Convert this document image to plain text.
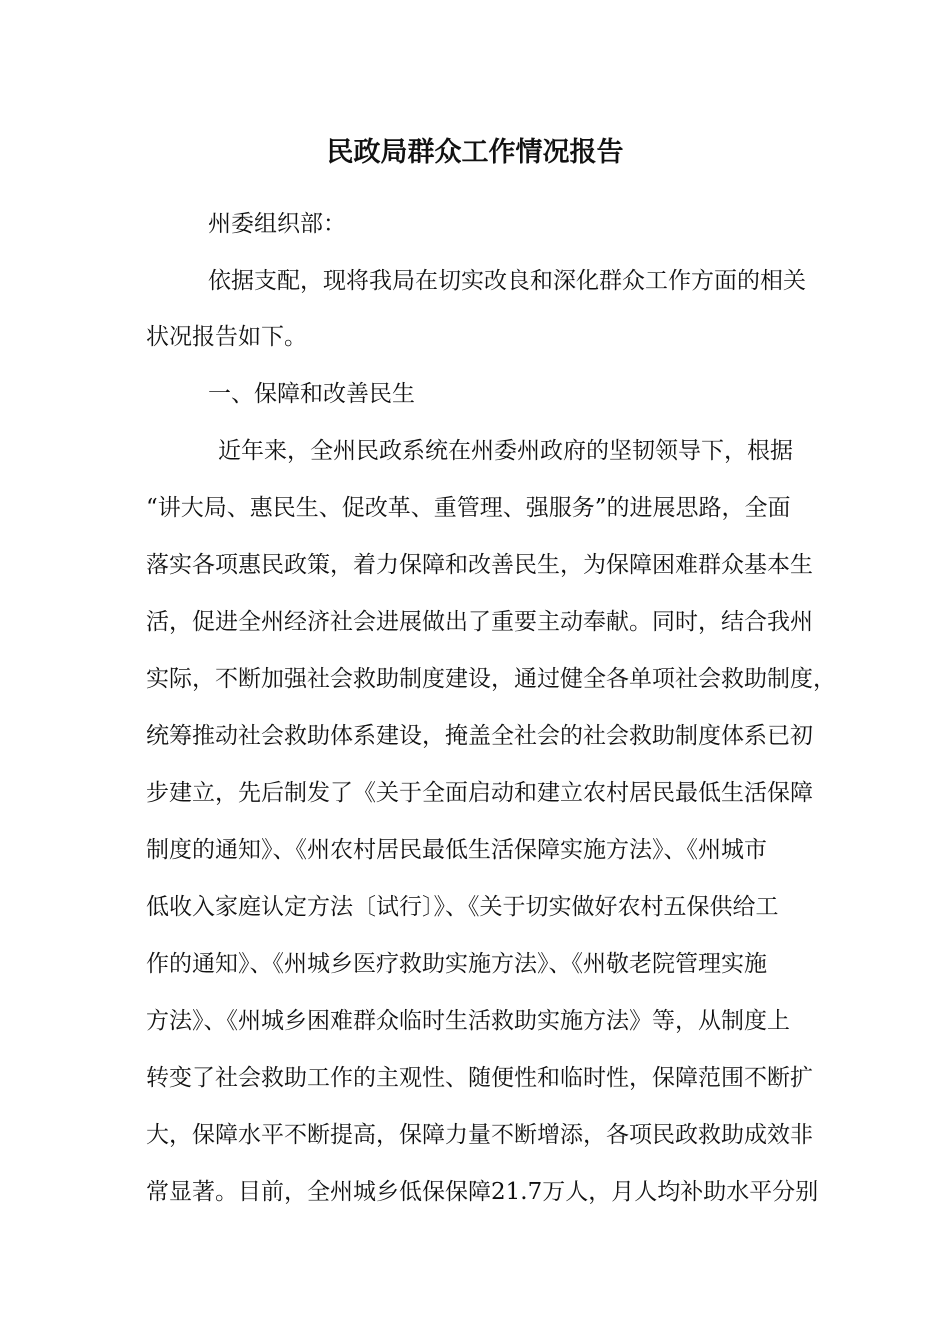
民政局群众工作情况报告
州委组织部：
依据支配，现将我局在切实改良和深化群众工作方面的相关
状况报告如下。
一、保障和改善民生
近年来，全州民政系统在州委州政府的坚韧领导下，根据
“讲大局、惠民生、促改革、重管理、强服务”的进展思路，全面
落实各项惠民政策，着力保障和改善民生，为保障困难群众基本生
活，促进全州经济社会进展做出了重要主动奉献。同时，结合我州
实际，不断加强社会救助制度建设，通过健全各单项社会救助制度，
统筹推动社会救助体系建设，掩盖全社会的社会救助制度体系已初
步建立，先后制发了《关于全面启动和建立农村居民最低生活保障
制度的通知》、《州农村居民最低生活保障实施方法》、《州城市
低收入家庭认定方法〔试行〕》、《关于切实做好农村五保供给工
作的通知》、《州城乡医疗救助实施方法》、《州敬老院管理实施
方法》、《州城乡困难群众临时生活救助实施方法》等，从制度上
转变了社会救助工作的主观性、随便性和临时性，保障范围不断扩
大，保障水平不断提高，保障力量不断增添，各项民政救助成效非
常显著。目前，全州城乡低保保障21.7万人，月人均补助水平分别
